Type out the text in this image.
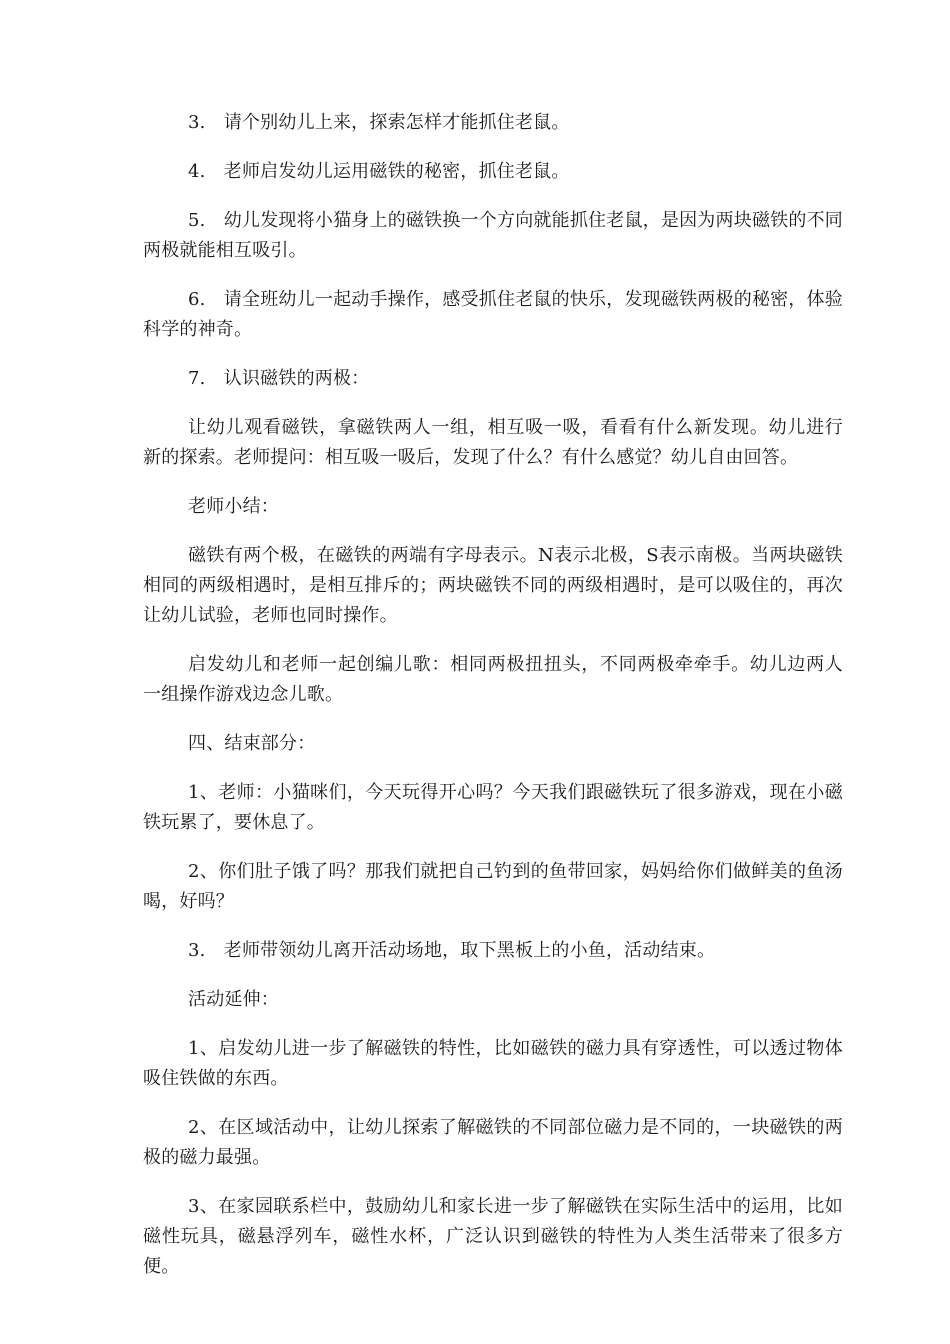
3.　请个别幼儿上来，探索怎样才能抓住老鼠。

4.　老师启发幼儿运用磁铁的秘密，抓住老鼠。

5.　幼儿发现将小猫身上的磁铁换一个方向就能抓住老鼠，是因为两块磁铁的不同两极就能相互吸引。

6.　请全班幼儿一起动手操作，感受抓住老鼠的快乐，发现磁铁两极的秘密，体验科学的神奇。

7.　认识磁铁的两极：

让幼儿观看磁铁，拿磁铁两人一组，相互吸一吸，看看有什么新发现。幼儿进行新的探索。老师提问：相互吸一吸后，发现了什么？有什么感觉？幼儿自由回答。

老师小结：

磁铁有两个极，在磁铁的两端有字母表示。N表示北极，S表示南极。当两块磁铁相同的两级相遇时，是相互排斥的；两块磁铁不同的两级相遇时，是可以吸住的，再次让幼儿试验，老师也同时操作。

启发幼儿和老师一起创编儿歌：相同两极扭扭头，不同两极牵牵手。幼儿边两人一组操作游戏边念儿歌。

四、结束部分：

1、老师：小猫咪们，今天玩得开心吗？今天我们跟磁铁玩了很多游戏，现在小磁铁玩累了，要休息了。

2、你们肚子饿了吗？那我们就把自己钓到的鱼带回家，妈妈给你们做鲜美的鱼汤喝，好吗？

3.　老师带领幼儿离开活动场地，取下黑板上的小鱼，活动结束。

活动延伸：

1、启发幼儿进一步了解磁铁的特性，比如磁铁的磁力具有穿透性，可以透过物体吸住铁做的东西。

2、在区域活动中，让幼儿探索了解磁铁的不同部位磁力是不同的，一块磁铁的两极的磁力最强。

3、在家园联系栏中，鼓励幼儿和家长进一步了解磁铁在实际生活中的运用，比如磁性玩具，磁悬浮列车，磁性水杯，广泛认识到磁铁的特性为人类生活带来了很多方便。
